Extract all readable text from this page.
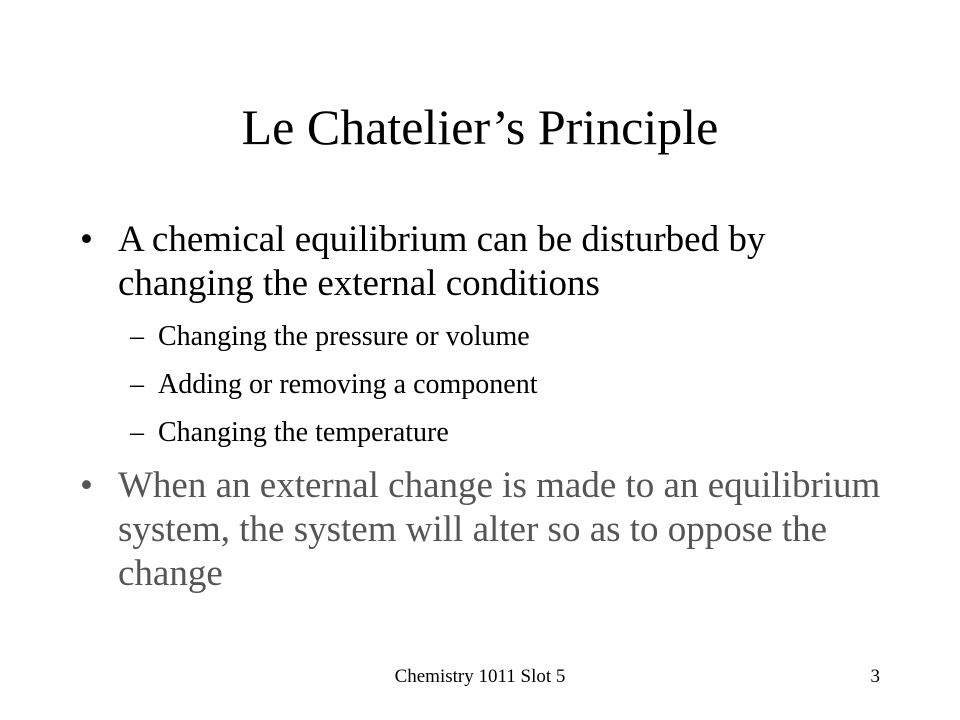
Le Chatelier’s Principle
• A chemical equilibrium can be disturbed by changing the external conditions
– Changing the pressure or volume
– Adding or removing a component
– Changing the temperature
• When an external change is made to an equilibrium system, the system will alter so as to oppose the change
Chemistry 1011 Slot 5	3
